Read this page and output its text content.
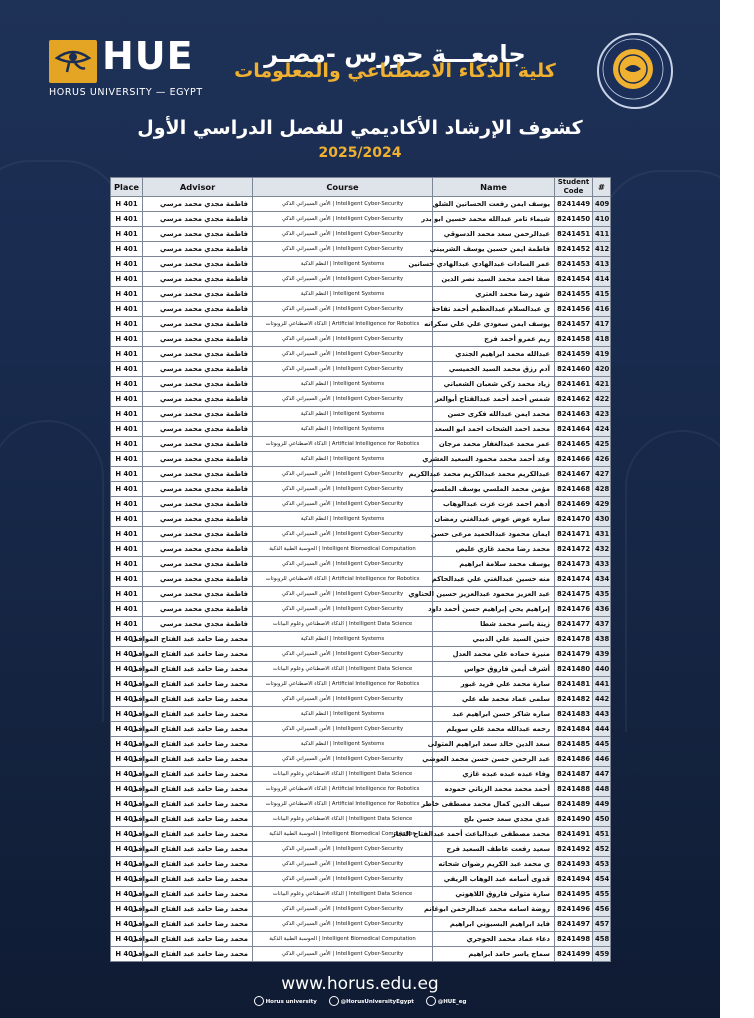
HUE
HORUS UNIVERSITY — EGYPT
جامعـــة حورس -مصـر
كلية الذكاء الاصطناعي والمعلومات
كشوف الإرشاد الأكاديمي للفصل الدراسي الأول
2025/2024
Place	Advisor	Course	Name	Student Code	#
H 401	فاطمة مجدي محمد مرسي	الأمن السيبراني الذكي | Intelligent Cyber-Security	يوسف ايمن رفعت الحسانين الشلق	8241449	409
H 401	فاطمة مجدي محمد مرسي	الأمن السيبراني الذكي | Intelligent Cyber-Security	شيماء تامر عبدالله محمد حسين ابو بدر	8241450	410
H 401	فاطمة مجدي محمد مرسي	الأمن السيبراني الذكي | Intelligent Cyber-Security	عبدالرحمن سعد محمد الدسوقي	8241451	411
H 401	فاطمة مجدي محمد مرسي	الأمن السيبراني الذكي | Intelligent Cyber-Security	فاطمة ايمن حسين يوسف الشربيني	8241452	412
H 401	فاطمة مجدي محمد مرسي	النظم الذكية | Intelligent Systems	عمر السادات عبدالهادي عبدالهادي حسانين	8241453	413
H 401	فاطمة مجدي محمد مرسي	الأمن السيبراني الذكي | Intelligent Cyber-Security	صفا احمد محمد السيد نصر الدين	8241454	414
H 401	فاطمة مجدي محمد مرسي	النظم الذكية | Intelligent Systems	شهد رضا محمد العتري	8241455	415
H 401	فاطمة مجدي محمد مرسي	الأمن السيبراني الذكي | Intelligent Cyber-Security	ي عبدالسلام عبدالعظيم أحمد تفاحة	8241456	416
H 401	فاطمة مجدي محمد مرسي	الذكاء الاصطناعي للروبوتات | Artificial Intelligence for Robotics	يوسف ايمن سعودي علي علي سكرانه	8241457	417
H 401	فاطمة مجدي محمد مرسي	الأمن السيبراني الذكي | Intelligent Cyber-Security	ريم عمرو أحمد فرج	8241458	418
H 401	فاطمة مجدي محمد مرسي	الأمن السيبراني الذكي | Intelligent Cyber-Security	عبدالله محمد ابراهيم الجندي	8241459	419
H 401	فاطمة مجدي محمد مرسي	الأمن السيبراني الذكي | Intelligent Cyber-Security	آدم رزق محمد السيد الخميسي	8241460	420
H 401	فاطمة مجدي محمد مرسي	النظم الذكية | Intelligent Systems	زياد محمد زكي شعبان الشعباني	8241461	421
H 401	فاطمة مجدي محمد مرسي	الأمن السيبراني الذكي | Intelligent Cyber-Security	شمس أحمد أحمد عبدالفتاح أبوالعز	8241462	422
H 401	فاطمة مجدي محمد مرسي	النظم الذكية | Intelligent Systems	محمد ايمن عبدالله فكرى حسن	8241463	423
H 401	فاطمة مجدي محمد مرسي	النظم الذكية | Intelligent Systems	محمد احمد الشحات احمد ابو السعد	8241464	424
H 401	فاطمة مجدي محمد مرسي	الذكاء الاصطناعي للروبوتات | Artificial Intelligence for Robotics	عمر محمد عبدالغفار محمد مرجان	8241465	425
H 401	فاطمة مجدي محمد مرسي	النظم الذكية | Intelligent Systems	وعد أحمد محمد محمود السعيد العشري	8241466	426
H 401	فاطمة مجدي محمد مرسي	الأمن السيبراني الذكي | Intelligent Cyber-Security	عبدالكريم محمد عبدالكريم محمد عبدالكريم	8241467	427
H 401	فاطمة مجدي محمد مرسي	الأمن السيبراني الذكي | Intelligent Cyber-Security	مؤمن محمد الملسي يوسف الملسي	8241468	428
H 401	فاطمة مجدي محمد مرسي	الأمن السيبراني الذكي | Intelligent Cyber-Security	أدهم احمد عزت عزت عبدالوهاب	8241469	429
H 401	فاطمة مجدي محمد مرسي	النظم الذكية | Intelligent Systems	ساره عوض عوض عبدالغني رمضان	8241470	430
H 401	فاطمة مجدي محمد مرسي	الأمن السيبراني الذكي | Intelligent Cyber-Security	ايمان محمود عبدالحميد مرعى حسن	8241471	431
H 401	فاطمة مجدي محمد مرسي	الحوسبة الطبية الذكية | Intelligent Biomedical Computation	محمد رضا محمد غازي عليص	8241472	432
H 401	فاطمة مجدي محمد مرسي	الأمن السيبراني الذكي | Intelligent Cyber-Security	يوسف محمد سلامة ابراهيم	8241473	433
H 401	فاطمة مجدي محمد مرسي	الذكاء الاصطناعي للروبوتات | Artificial Intelligence for Robotics	منه حسين عبدالغني علي عبدالحاكم	8241474	434
H 401	فاطمة مجدي محمد مرسي	الأمن السيبراني الذكي | Intelligent Cyber-Security	عبد العزيز محمود عبدالعزيز حسين الحناوي	8241475	435
H 401	فاطمة مجدي محمد مرسي	الأمن السيبراني الذكي | Intelligent Cyber-Security	إبراهيم يحي إبراهيم حسن أحمد داود	8241476	436
H 401	فاطمة مجدي محمد مرسي	الذكاء الاصطناعي وعلوم البيانات | Intelligent Data Science	زينة ياسر محمد شطا	8241477	437
H 401	محمد رضا حامد عبد الفتاح الموافى	النظم الذكية | Intelligent Systems	حنين السيد علي الدبيي	8241478	438
H 401	محمد رضا حامد عبد الفتاح الموافى	الأمن السيبراني الذكي | Intelligent Cyber-Security	منيرة حماده علي محمد العدل	8241479	439
H 401	محمد رضا حامد عبد الفتاح الموافى	الذكاء الاصطناعي وعلوم البيانات | Intelligent Data Science	أشرف أيمن فاروق حواس	8241480	440
H 401	محمد رضا حامد عبد الفتاح الموافى	الذكاء الاصطناعي للروبوتات | Artificial Intelligence for Robotics	سارة محمد علي فريد غبور	8241481	441
H 401	محمد رضا حامد عبد الفتاح الموافى	الأمن السيبراني الذكي | Intelligent Cyber-Security	سلمى عماد محمد طه علي	8241482	442
H 401	محمد رضا حامد عبد الفتاح الموافى	النظم الذكية | Intelligent Systems	ساره شاكر حسن ابراهيم عبد	8241483	443
H 401	محمد رضا حامد عبد الفتاح الموافى	الأمن السيبراني الذكي | Intelligent Cyber-Security	رحمه عبدالله محمد علي سويلم	8241484	444
H 401	محمد رضا حامد عبد الفتاح الموافى	النظم الذكية | Intelligent Systems	سعد الدين خالد سعد ابراهيم المتولى	8241485	445
H 401	محمد رضا حامد عبد الفتاح الموافى	الأمن السيبراني الذكي | Intelligent Cyber-Security	عبد الرحمن حسن حسن محمد العوضي	8241486	446
H 401	محمد رضا حامد عبد الفتاح الموافى	الذكاء الاصطناعي وعلوم البيانات | Intelligent Data Science	وفاء عبده عبده عبده غازي	8241487	447
H 401	محمد رضا حامد عبد الفتاح الموافى	الذكاء الاصطناعي للروبوتات | Artificial Intelligence for Robotics	أحمد محمد محمد الزناتي حموده	8241488	448
H 401	محمد رضا حامد عبد الفتاح الموافى	الذكاء الاصطناعي للروبوتات | Artificial Intelligence for Robotics	سيف الدين كمال محمد مصطفى خاطر	8241489	449
H 401	محمد رضا حامد عبد الفتاح الموافى	الذكاء الاصطناعي وعلوم البيانات | Intelligent Data Science	عدي مجدي سعد حسن بلح	8241490	450
H 401	محمد رضا حامد عبد الفتاح الموافى	الحوسبة الطبية الذكية | Intelligent Biomedical Computation	محمد مصطفى عبدالباعث أحمد عبدالفتاح النجار	8241491	451
H 401	محمد رضا حامد عبد الفتاح الموافى	الأمن السيبراني الذكي | Intelligent Cyber-Security	سعيد رفعت عاطف السعيد فرج	8241492	452
H 401	محمد رضا حامد عبد الفتاح الموافى	الأمن السيبراني الذكي | Intelligent Cyber-Security	ي محمد عبد الكريم رضوان شحاته	8241493	453
H 401	محمد رضا حامد عبد الفتاح الموافى	الأمن السيبراني الذكي | Intelligent Cyber-Security	قدوى أسامه عبد الوهاب الريفي	8241494	454
H 401	محمد رضا حامد عبد الفتاح الموافى	الذكاء الاصطناعي وعلوم البيانات | Intelligent Data Science	سارة متولى فاروق اللاهوني	8241495	455
H 401	محمد رضا حامد عبد الفتاح الموافى	الأمن السيبراني الذكي | Intelligent Cyber-Security	روضة اسامه محمد عبدالرحمن ابوغانم	8241496	456
H 401	محمد رضا حامد عبد الفتاح الموافى	الأمن السيبراني الذكي | Intelligent Cyber-Security	فايد ابراهيم البسيوني ابراهيم	8241497	457
H 401	محمد رضا حامد عبد الفتاح الموافى	الحوسبة الطبية الذكية | Intelligent Biomedical Computation	دعاء عماد محمد الجوجري	8241498	458
H 401	محمد رضا حامد عبد الفتاح الموافى	الأمن السيبراني الذكي | Intelligent Cyber-Security	سماح ياسر حامد ابراهيم	8241499	459
www.horus.edu.eg
Horus university	@HorusUniversityEgypt	@HUE_eg
